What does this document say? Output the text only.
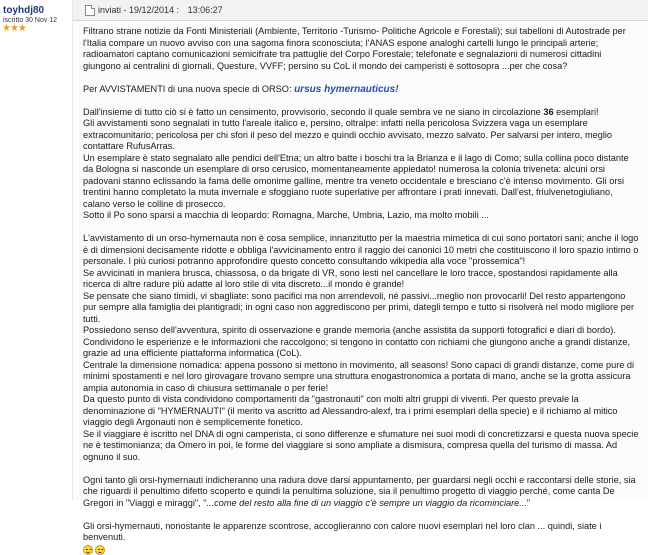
toyhdj80
iscritto 30 Nov 12
★★★
inviati - 19/12/2014 : 13:06:27

Filtrano strane notizie da Fonti Ministeriali (Ambiente, Territorio -Turismo- Politiche Agricole e Forestali); sui tabelloni di Autostrade per l'Italia compare un nuovo avviso con una sagoma finora sconosciuta; l'ANAS espone analoghi cartelli lungo le principali arterie; radioamatori captano comunicazioni semicifrate tra pattuglie del Corpo Forestale; telefonate e segnalazioni di numerosi cittadini giungono ai centralini di giornali, Questure, VVFF; persino su CoL il mondo dei camperisti è sottosopra ...per che cosa?

Per AVVISTAMENTI di una nuova specie di ORSO: ursus hymernauticus!

Dall'insieme di tutto ciò si è fatto un censimento, provvisorio, secondo il quale sembra ve ne siano in circolazione 36 esemplari!

Gli avvistamenti sono segnalati in tutto l'areale italico e, persino, oltralpe: infatti nella pericolosa Svizzera vaga un esemplare extracomunitario; pericolosa per chi sfori il peso del mezzo e quindi occhio avvisato, mezzo salvato. Per salvarsi per intero, meglio contattare RufusArras.

Un esemplare è stato segnalato alle pendici dell'Etna; un altro batte i boschi tra la Brianza e il lago di Como; sulla collina poco distante da Bologna si nasconde un esemplare di orso cerusico, momentaneamente appiedato! numerosa la colonia triveneta: alcuni orsi padovani stanno eclissando la fama delle omonime galline, mentre tra veneto occidentale e bresciano c'è intenso movimento. Gli orsi trentini hanno completato la muta invernale e sfoggiano ruote superlative per affrontare i prati innevati. Dall'est, friulvenetogiuliano, calano verso le colline di prosecco.

Sotto il Po sono sparsi a macchia di leopardo: Romagna, Marche, Umbria, Lazio, ma molto mobili ...

L'avvistamento di un orso-hymernauta non è cosa semplice, innanzitutto per la maestria mimetica di cui sono portatori sani; anche il logo è di dimensioni decisamente ridotte e obbliga l'avvicinamento entro il raggio dei canonici 10 metri che costituiscono il loro spazio intimo o personale. I più curiosi potranno approfondire questo concetto consultando wikipedia alla voce "prossemica"!

Se avvicinati in maniera brusca, chiassosa, o da brigate di VR, sono lesti nel cancellare le loro tracce, spostandosi rapidamente alla ricerca di altre radure più adatte al loro stile di vita discreto...il mondo è grande!

Se pensate che siano timidi, vi sbagliate: sono pacifici ma non arrendevoli, né passivi...meglio non provocarli! Del resto appartengono pur sempre alla famiglia dei plantigradi; in ogni caso non aggrediscono per primi, dategli tempo e tutto si risolverà nel modo migliore per tutti.

Possiedono senso dell'avventura, spirito di osservazione e grande memoria (anche assistita da supporti fotografici e diari di bordo).

Condividono le esperienze e le informazioni che raccolgono; si tengono in contatto con richiami che giungono anche a grandi distanze, grazie ad una efficiente piattaforma informatica (CoL).

Centrale la dimensione nomadica: appena possono si mettono in movimento, all seasons! Sono capaci di grandi distanze, come pure di minimi spostamenti e nel loro girovagare trovano sempre una struttura enogastronomica a portata di mano, anche se la grotta assicura ampia autonomia in caso di chiusura settimanale o per ferie!

Da questo punto di vista condividono comportamenti da "gastronauti" con molti altri gruppi di viventi. Per questo prevale la denominazione di "HYMERNAUTI" (il merito va ascritto ad Alessandro-alexf, tra i primi esemplari della specie) e il richiamo al mitico viaggio degli Argonauti non è semplicemente fonetico.

Se il viaggiare è iscritto nel DNA di ogni camperista, ci sono differenze e sfumature nei suoi modi di concretizzarsi e questa nuova specie ne è testimonianza; da Omero in poi, le forme del viaggiare si sono ampliate a dismisura, compresa quella del turismo di massa. Ad ognuno il suo.

Ogni tanto gli orsi-hymernauti indicheranno una radura dove darsi appuntamento, per guardarsi negli occhi e raccontarsi delle storie, sia che riguardi il penultimo difetto scoperto e quindi la penultima soluzione, sia il penultimo progetto di viaggio perché, come canta De Gregori in "Viaggi e miraggi", "...come del resto alla fine di un viaggio c'è sempre un viaggio da ricominciare..."

Gli orsi-hymernauti, nonostante le apparenze scontrose, accoglieranno con calore nuovi esemplari nel loro clan ... quindi, siate i benvenuti.
